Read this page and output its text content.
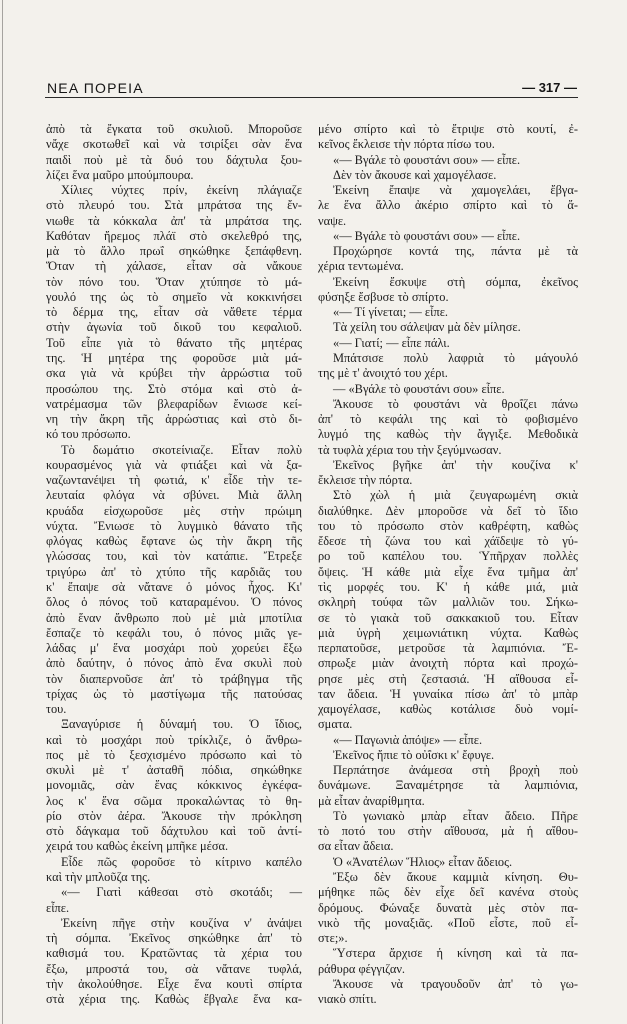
ΝΕΑ ΠΟΡΕΙΑ	— 317 —
ἀπὸ τὰ ἔγκατα τοῦ σκυλιοῦ. Μποροῦσε
νἄχε σκοτωθεῖ καὶ νὰ τσιρίξει σὰν ἕνα
παιδὶ ποὺ μὲ τὰ δυό του δάχτυλα ξου-
λίζει ἕνα μαῦρο μπούμπουρα.
Χίλιες νύχτες πρίν, ἐκείνη πλάγιαζε
στὸ πλευρό του. Στὰ μπράτσα της ἔν-
νιωθε τὰ κόκκαλα ἀπ' τὰ μπράτσα της.
Καθόταν ἤρεμος πλάϊ στὸ σκελεθρό της,
μὰ τὸ ἄλλο πρωΐ σηκώθηκε ξεπάφθενη.
Ὅταν τὴ χάλασε, εἶταν σὰ νἄκουε
τὸν πόνο του. Ὅταν χτύπησε τὸ μά-
γουλό της ὡς τὸ σημεῖο νὰ κοκκινήσει
τὸ δέρμα της, εἶταν σὰ νἄθετε τέρμα
στὴν ἀγωνία τοῦ δικοῦ του κεφαλιοῦ.
Τοῦ εἶπε γιὰ τὸ θάνατο τῆς μητέρας
της. Ἡ μητέρα της φοροῦσε μιὰ μά-
σκα γιὰ νὰ κρύβει τὴν ἀρρώστια τοῦ
προσώπου της. Στὸ στόμα καὶ στὸ ἀ-
νατρέμασμα τῶν βλεφαρίδων ἔνιωσε κεί-
νη τὴν ἄκρη τῆς ἀρρώστιας καὶ στὸ δι-
κό του πρόσωπο.
Τὸ δωμάτιο σκοτείνιαζε. Εἶταν πολὺ
κουρασμένος γιὰ νὰ φτιάξει καὶ νὰ ξα-
ναζωντανέψει τὴ φωτιά, κ' εἶδε τὴν τε-
λευταία φλόγα νὰ σβύνει. Μιὰ ἄλλη
κρυάδα εἰσχωροῦσε μὲς στὴν πρώιμη
νύχτα. Ἔνιωσε τὸ λυγμικὸ θάνατο τῆς
φλόγας καθὼς ἔφτανε ὡς τὴν ἄκρη τῆς
γλώσσας του, καὶ τὸν κατάπιε. Ἔτρεξε
τριγύρω ἀπ' τὸ χτύπο τῆς καρδιᾶς του
κ' ἔπαψε σὰ νἄτανε ὁ μόνος ἦχος. Κι'
ὅλος ὁ πόνος τοῦ καταραμένου. Ὁ πόνος
ἀπὸ ἕναν ἄνθρωπο ποὺ μὲ μιὰ μποτίλια
ἔσπαζε τὸ κεφάλι του, ὁ πόνος μιᾶς γε-
λάδας μ' ἕνα μοσχάρι ποὺ χορεύει ἔξω
ἀπὸ δαύτην, ὁ πόνος ἀπὸ ἕνα σκυλὶ ποὺ
τὸν διαπερνοῦσε ἀπ' τὸ τράβηγμα τῆς
τρίχας ὡς τὸ μαστίγωμα τῆς πατούσας
του.
Ξαναγύρισε ἡ δύναμή του. Ὁ ἴδιος,
καὶ τὸ μοσχάρι ποὺ τρίκλιζε, ὁ ἄνθρω-
πος μὲ τὸ ξεσχισμένο πρόσωπο καὶ τὸ
σκυλὶ μὲ τ' ἀσταθῆ πόδια, σηκώθηκε
μονομιᾶς, σὰν ἕνας κόκκινος ἐγκέφα-
λος κ' ἕνα σῶμα προκαλώντας τὸ θη-
ρίο στὸν ἀέρα. Ἄκουσε τὴν πρόκληση
στὸ δάγκαμα τοῦ δάχτυλου καὶ τοῦ ἀντί-
χειρά του καθὼς ἐκείνη μπῆκε μέσα.
Εἶδε πῶς φοροῦσε τὸ κίτρινο καπέλο
καὶ τὴν μπλοῦζα της.
«— Γιατὶ κάθεσαι στὸ σκοτάδι; —
εἶπε.
Ἐκείνη πῆγε στὴν κουζίνα ν' ἀνάψει
τὴ σόμπα. Ἐκεῖνος σηκώθηκε ἀπ' τὸ
καθισμά του. Κρατῶντας τὰ χέρια του
ἔξω, μπροστά του, σὰ νἄτανε τυφλά,
τὴν ἀκολούθησε. Εἶχε ἕνα κουτὶ σπίρτα
στὰ χέρια της. Καθὼς ἔβγαλε ἕνα κα-
μένο σπίρτο καὶ τὸ ἔτριψε στὸ κουτί, ἐ-
κεῖνος ἔκλεισε τὴν πόρτα πίσω του.
«— Βγάλε τὸ φουστάνι σου» — εἶπε.
Δὲν τὸν ἄκουσε καὶ χαμογέλασε.
Ἐκείνη ἔπαψε νὰ χαμογελάει, ἔβγα-
λε ἕνα ἄλλο ἀκέριο σπίρτο καὶ τὸ ἄ-
ναψε.
«— Βγάλε τὸ φουστάνι σου» — εἶπε.
Προχώρησε κοντά της, πάντα μὲ τὰ
χέρια τεντωμένα.
Ἐκείνη ἔσκυψε στὴ σόμπα, ἐκεῖνος
φύσηξε ἔσβυσε τὸ σπίρτο.
«— Τί γίνεται; — εἶπε.
Τὰ χείλη του σάλεψαν μὰ δὲν μίλησε.
«— Γιατί; — εἶπε πάλι.
Μπάτσισε πολὺ λαφριὰ τὸ μάγουλό
της μὲ τ' ἀνοιχτό του χέρι.
— «Βγάλε τὸ φουστάνι σου» εἶπε.
Ἄκουσε τὸ φουστάνι νὰ θροΐζει πάνω
ἀπ' τὸ κεφάλι της καὶ τὸ φοβισμένο
λυγμό της καθὼς τὴν ἄγγιξε. Μεθοδικὰ
τὰ τυφλὰ χέρια του τὴν ξεγύμνωσαν.
Ἐκεῖνος βγῆκε ἀπ' τὴν κουζίνα κ'
ἔκλεισε τὴν πόρτα.
Στὸ χὼλ ἡ μιὰ ζευγαρωμένη σκιὰ
διαλύθηκε. Δὲν μποροῦσε νὰ δεῖ τὸ ἴδιο
του τὸ πρόσωπο στὸν καθρέφτη, καθὼς
ἔδεσε τὴ ζώνα του καὶ χάϊδεψε τὸ γύ-
ρο τοῦ καπέλου του. Ὑπῆρχαν πολλὲς
ὄψεις. Ἡ κάθε μιὰ εἶχε ἕνα τμῆμα ἀπ'
τὶς μορφές του. Κ' ἡ κάθε μιά, μιὰ
σκληρὴ τούφα τῶν μαλλιῶν του. Σήκω-
σε τὸ γιακὰ τοῦ σακκακιοῦ του. Εἶταν
μιὰ ὑγρὴ χειμωνιάτικη νύχτα. Καθὼς
περπατοῦσε, μετροῦσε τὰ λαμπιόνια. Ἔ-
σπρωξε μιὰν ἀνοιχτὴ πόρτα καὶ προχώ-
ρησε μὲς στὴ ζεστασιά. Ἡ αἴθουσα εἶ-
ταν ἄδεια. Ἡ γυναίκα πίσω ἀπ' τὸ μπὰρ
χαμογέλασε, καθὼς κοτάλισε δυὸ νομί-
σματα.
«— Παγωνιὰ ἀπόψε» — εἶπε.
Ἐκεῖνος ἤπιε τὸ οὐΐσκι κ' ἔφυγε.
Περπάτησε ἀνάμεσα στὴ βροχὴ ποὺ
δυνάμωνε. Ξαναμέτρησε τὰ λαμπιόνια,
μὰ εἶταν ἀναρίθμητα.
Τὸ γωνιακὸ μπὰρ εἶταν ἄδειο. Πῆρε
τὸ ποτό του στὴν αἴθουσα, μὰ ἡ αἴθου-
σα εἶταν ἄδεια.
Ὁ «Ἀνατέλων Ἥλιος» εἶταν ἄδειος.
Ἔξω δὲν ἄκουε καμμιὰ κίνηση. Θυ-
μήθηκε πῶς δὲν εἶχε δεῖ κανένα στοὺς
δρόμους. Φώναξε δυνατὰ μὲς στὸν πα-
νικὸ τῆς μοναξιᾶς. «Ποῦ εἶστε, ποῦ εἶ-
στε;».
Ὕστερα ἄρχισε ἡ κίνηση καὶ τὰ πα-
ράθυρα φέγγιζαν.
Ἄκουσε νὰ τραγουδοῦν ἀπ' τὸ γω-
νιακὸ σπίτι.
